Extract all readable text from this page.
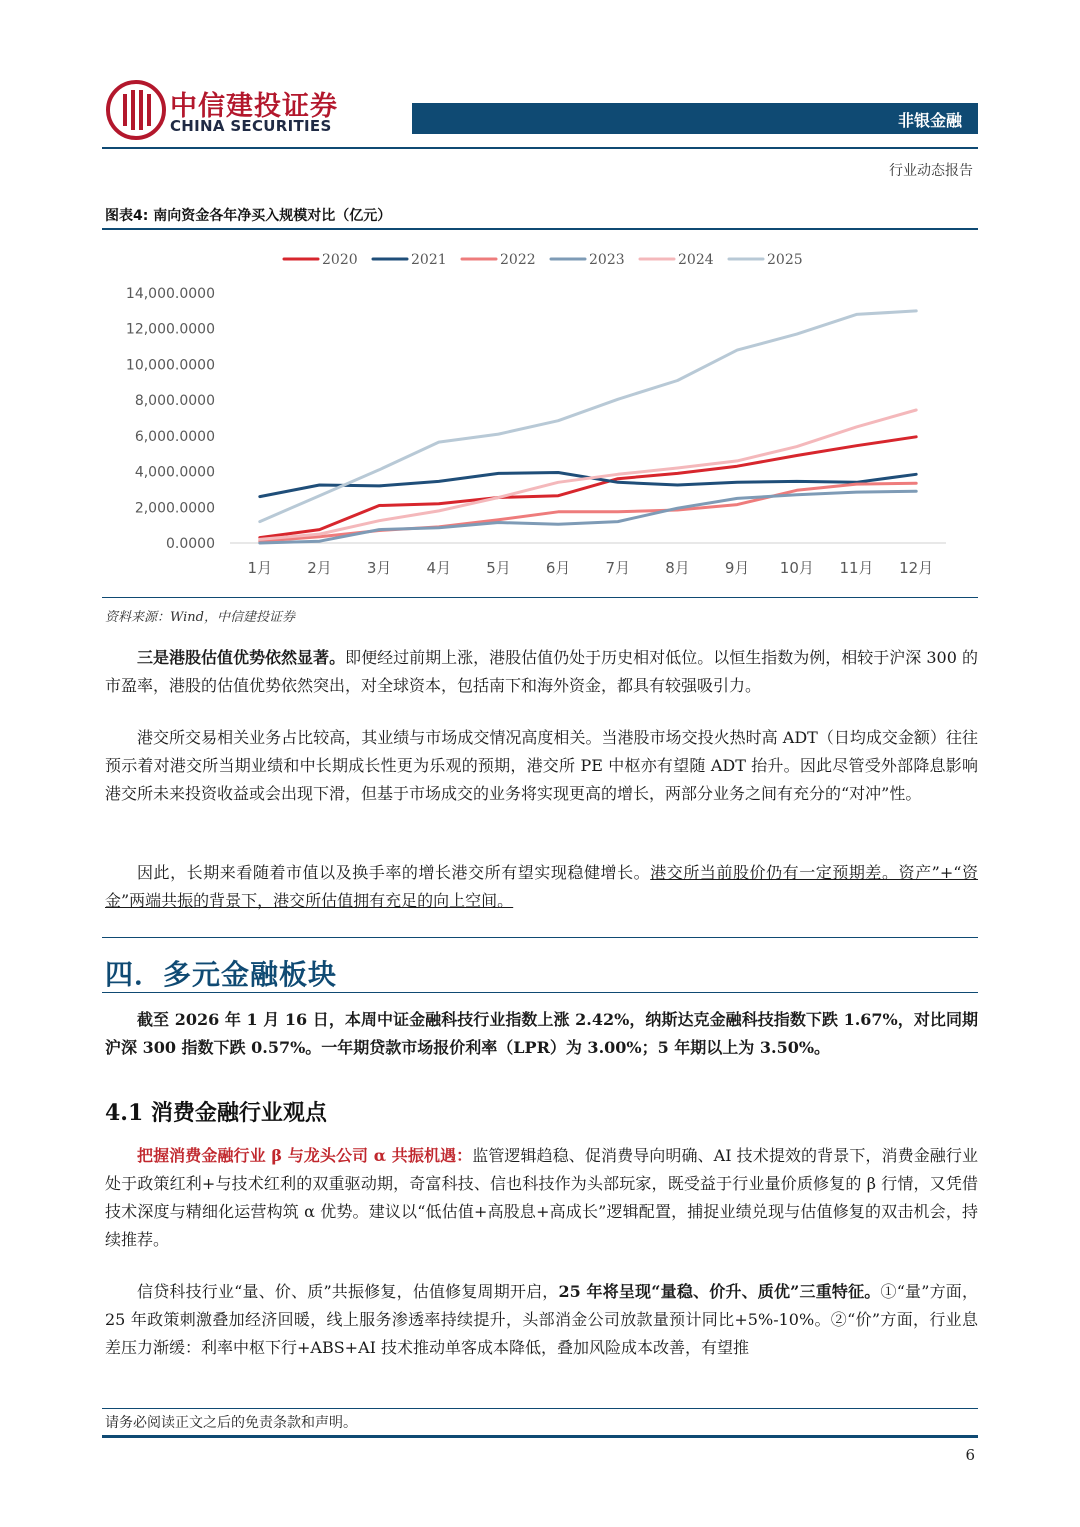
中信建投证券
CHINA SECURITIES	非银金融
行业动态报告
图表4: 南向资金各年净买入规模对比（亿元）
0.0000
2,000.0000
4,000.0000
6,000.0000
8,000.0000
10,000.0000
12,000.0000
14,000.0000
1月 2月 3月 4月 5月 6月 7月 8月 9月 10月 11月 12月
2020	2021	2022	2023	2024	2025
资料来源：Wind，中信建投证券

三是港股估值优势依然显著。即便经过前期上涨，港股估值仍处于历史相对低位。以恒生指数为例，相较于沪深 300 的市盈率，港股的估值优势依然突出，对全球资本，包括南下和海外资金，都具有较强吸引力。

港交所交易相关业务占比较高，其业绩与市场成交情况高度相关。当港股市场交投火热时高 ADT（日均成交金额）往往预示着对港交所当期业绩和中长期成长性更为乐观的预期，港交所 PE 中枢亦有望随 ADT 抬升。因此尽管受外部降息影响港交所未来投资收益或会出现下滑，但基于市场成交的业务将实现更高的增长，两部分业务之间有充分的“对冲”性。

因此，长期来看随着市值以及换手率的增长港交所有望实现稳健增长。港交所当前股价仍有一定预期差。资产”+“资金”两端共振的背景下，港交所估值拥有充足的向上空间。

四．多元金融板块

截至 2026 年 1 月 16 日，本周中证金融科技行业指数上涨 2.42%，纳斯达克金融科技指数下跌 1.67%，对比同期沪深 300 指数下跌 0.57%。一年期贷款市场报价利率（LPR）为 3.00%；5 年期以上为 3.50%。

4.1 消费金融行业观点

把握消费金融行业 β 与龙头公司 α 共振机遇：监管逻辑趋稳、促消费导向明确、AI 技术提效的背景下，消费金融行业处于政策红利+与技术红利的双重驱动期，奇富科技、信也科技作为头部玩家，既受益于行业量价质修复的 β 行情，又凭借技术深度与精细化运营构筑 α 优势。建议以“低估值+高股息+高成长”逻辑配置，捕捉业绩兑现与估值修复的双击机会，持续推荐。

信贷科技行业“量、价、质”共振修复，估值修复周期开启，25 年将呈现“量稳、价升、质优”三重特征。①“量”方面，25 年政策刺激叠加经济回暖，线上服务渗透率持续提升，头部消金公司放款量预计同比+5%-10%。②“价”方面，行业息差压力渐缓：利率中枢下行+ABS+AI 技术推动单客成本降低，叠加风险成本改善，有望推

请务必阅读正文之后的免责条款和声明。
6
